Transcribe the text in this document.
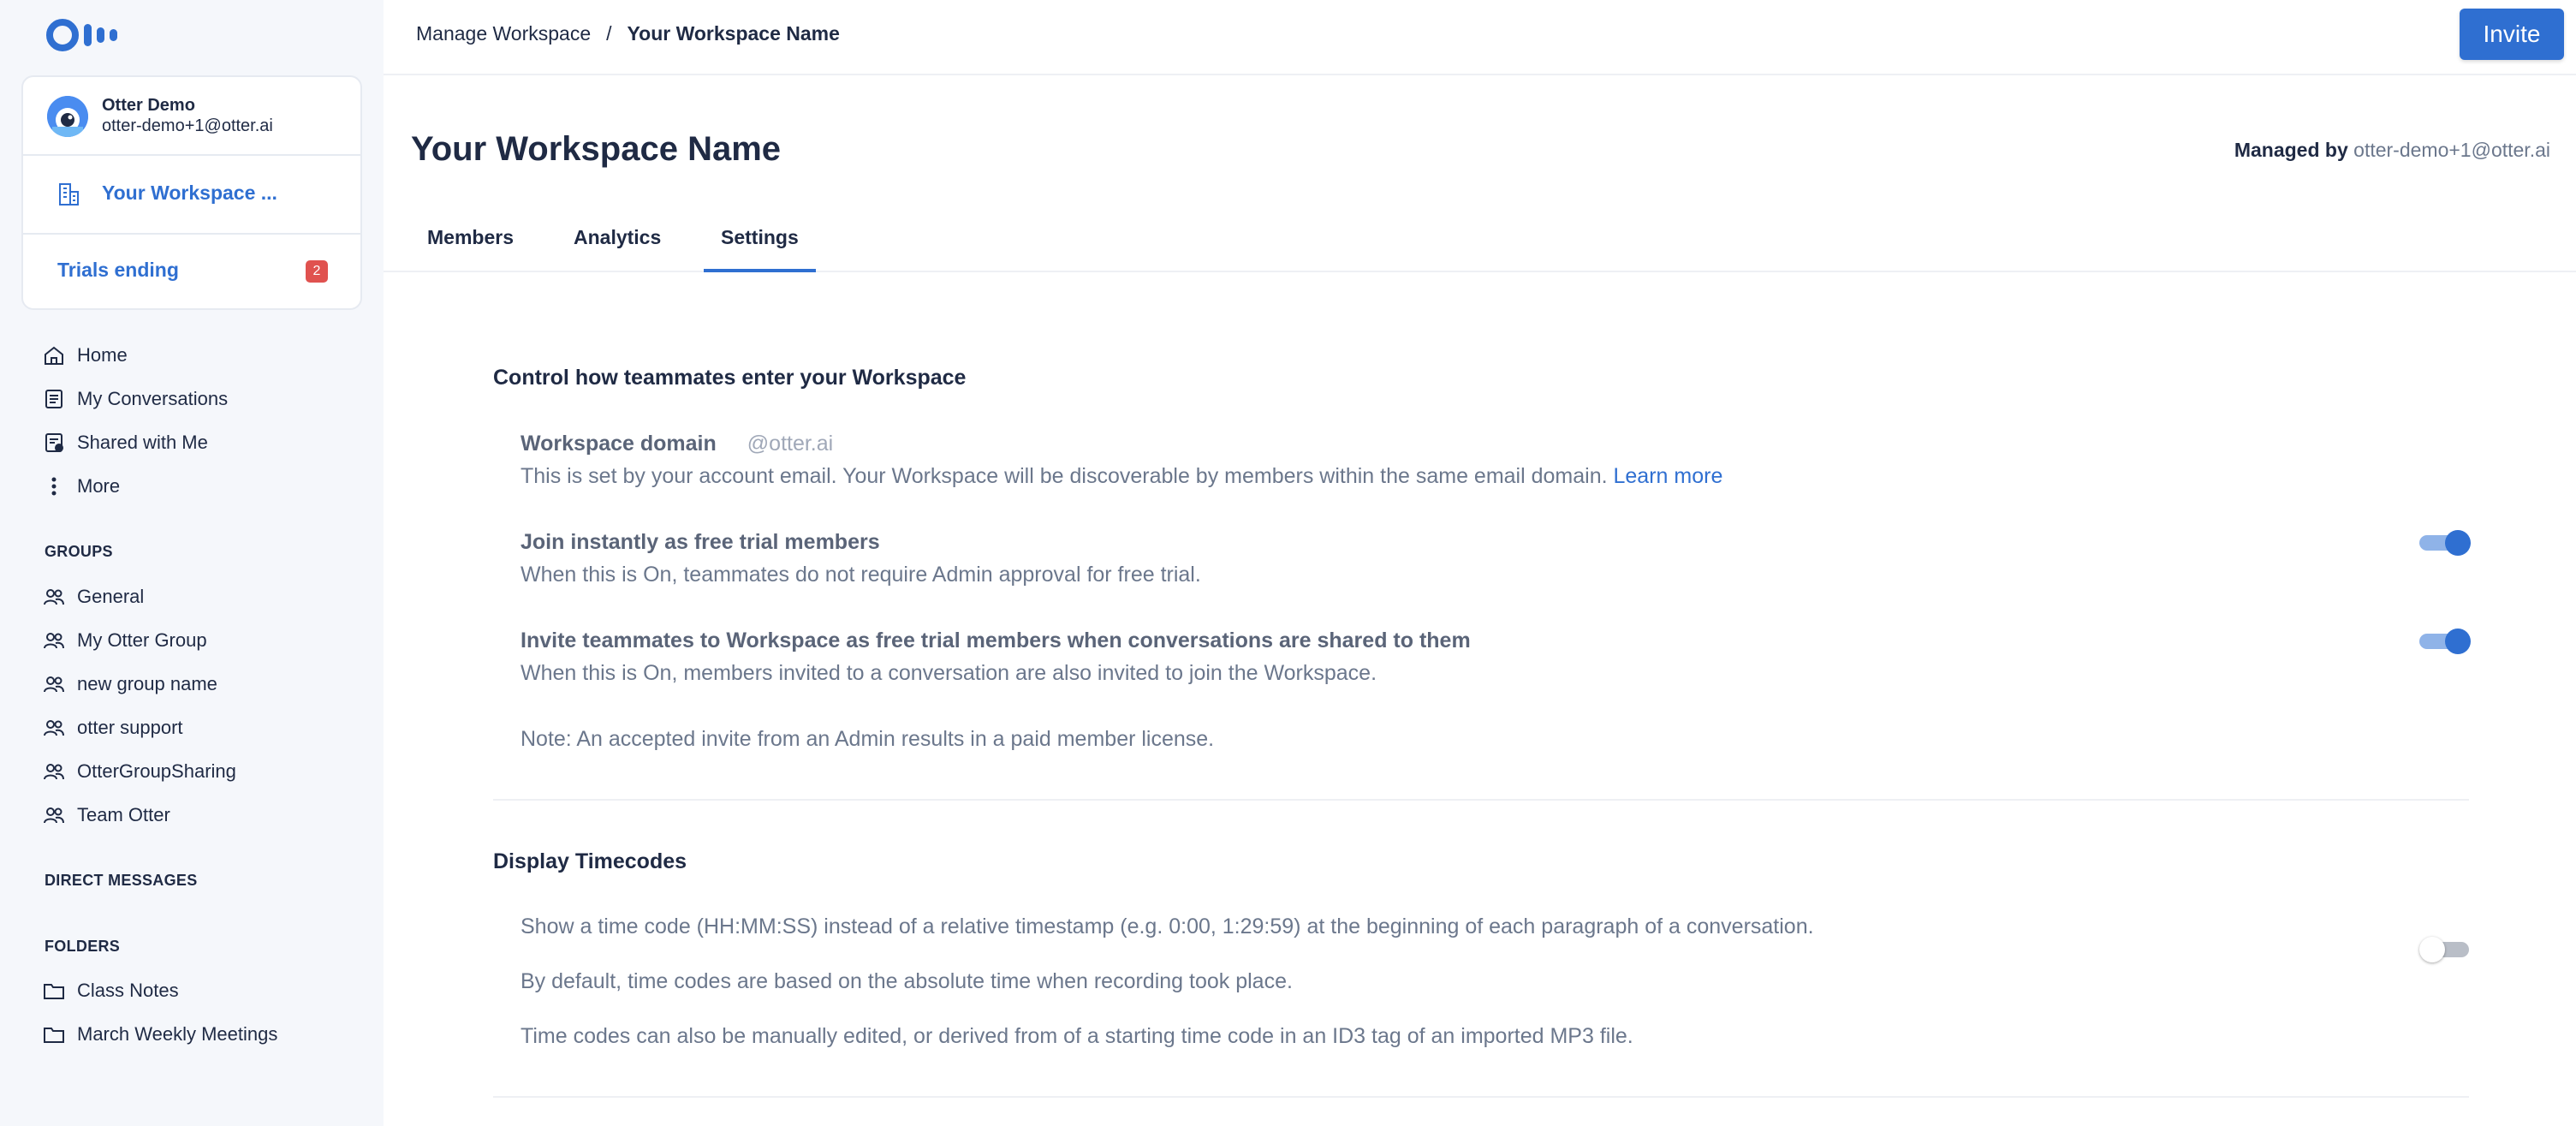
Otter Demo
otter-demo+1@otter.ai
Your Workspace ...
Trials ending	2
Home
My Conversations
Shared with Me
More
GROUPS
General
My Otter Group
new group name
otter support
OtterGroupSharing
Team Otter
DIRECT MESSAGES
FOLDERS
Class Notes
March Weekly Meetings
Manage Workspace / Your Workspace Name	Invite
Your Workspace Name	Managed by otter-demo+1@otter.ai
Members	Analytics	Settings
Control how teammates enter your Workspace
Workspace domain @otter.ai
This is set by your account email. Your Workspace will be discoverable by members within the same email domain. Learn more
Join instantly as free trial members
When this is On, teammates do not require Admin approval for free trial.
Invite teammates to Workspace as free trial members when conversations are shared to them
When this is On, members invited to a conversation are also invited to join the Workspace.
Note: An accepted invite from an Admin results in a paid member license.
Display Timecodes
Show a time code (HH:MM:SS) instead of a relative timestamp (e.g. 0:00, 1:29:59) at the beginning of each paragraph of a conversation.
By default, time codes are based on the absolute time when recording took place.
Time codes can also be manually edited, or derived from of a starting time code in an ID3 tag of an imported MP3 file.
